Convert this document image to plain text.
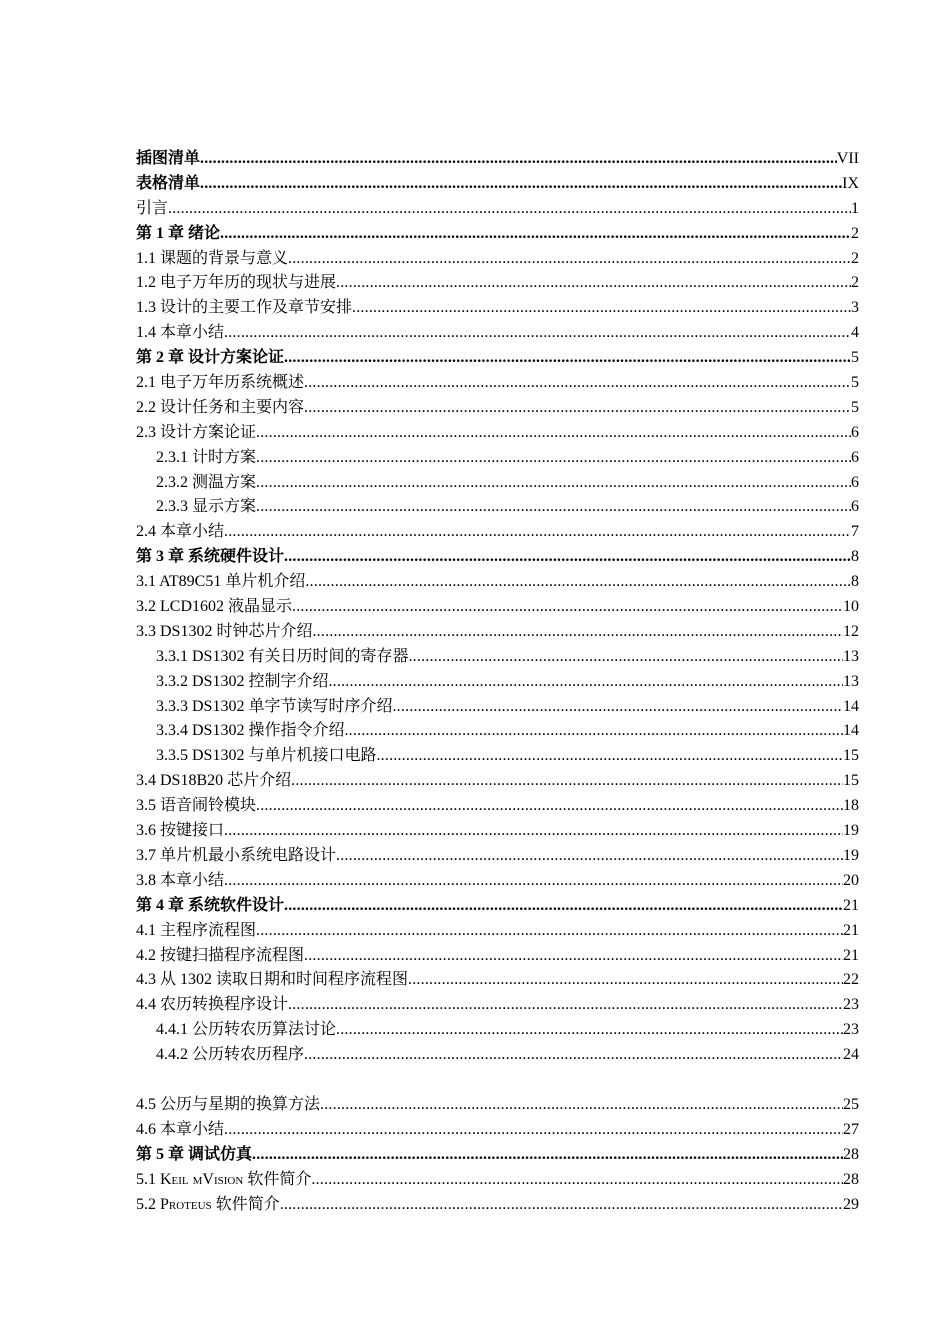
插图清单 .....	VII
表格清单 .....	IX
引言 .....	1
第 1 章 绪论 .....	2
1.1 课题的背景与意义 .....	2
1.2 电子万年历的现状与进展 .....	2
1.3 设计的主要工作及章节安排 .....	3
1.4 本章小结 .....	4
第 2 章 设计方案论证 .....	5
2.1 电子万年历系统概述 .....	5
2.2 设计任务和主要内容 .....	5
2.3 设计方案论证 .....	6
2.3.1 计时方案 .....	6
2.3.2 测温方案 .....	6
2.3.3 显示方案 .....	6
2.4 本章小结 .....	7
第 3 章 系统硬件设计 .....	8
3.1 AT89C51 单片机介绍 .....	8
3.2 LCD1602 液晶显示 .....	10
3.3 DS1302 时钟芯片介绍 .....	12
3.3.1 DS1302 有关日历时间的寄存器 .....	13
3.3.2 DS1302 控制字介绍 .....	13
3.3.3 DS1302 单字节读写时序介绍 .....	14
3.3.4 DS1302 操作指令介绍 .....	14
3.3.5 DS1302 与单片机接口电路 .....	15
3.4 DS18B20 芯片介绍 .....	15
3.5 语音闹铃模块 .....	18
3.6 按键接口 .....	19
3.7 单片机最小系统电路设计 .....	19
3.8 本章小结 .....	20
第 4 章 系统软件设计 .....	21
4.1 主程序流程图 .....	21
4.2 按键扫描程序流程图 .....	21
4.3 从 1302 读取日期和时间程序流程图 .....	22
4.4 农历转换程序设计 .....	23
4.4.1 公历转农历算法讨论 .....	23
4.4.2 公历转农历程序 .....	24
4.5 公历与星期的换算方法 .....	25
4.6 本章小结 .....	27
第 5 章 调试仿真 .....	28
5.1 Keil mVision 软件简介 .....	28
5.2 Proteus 软件简介 .....	29
